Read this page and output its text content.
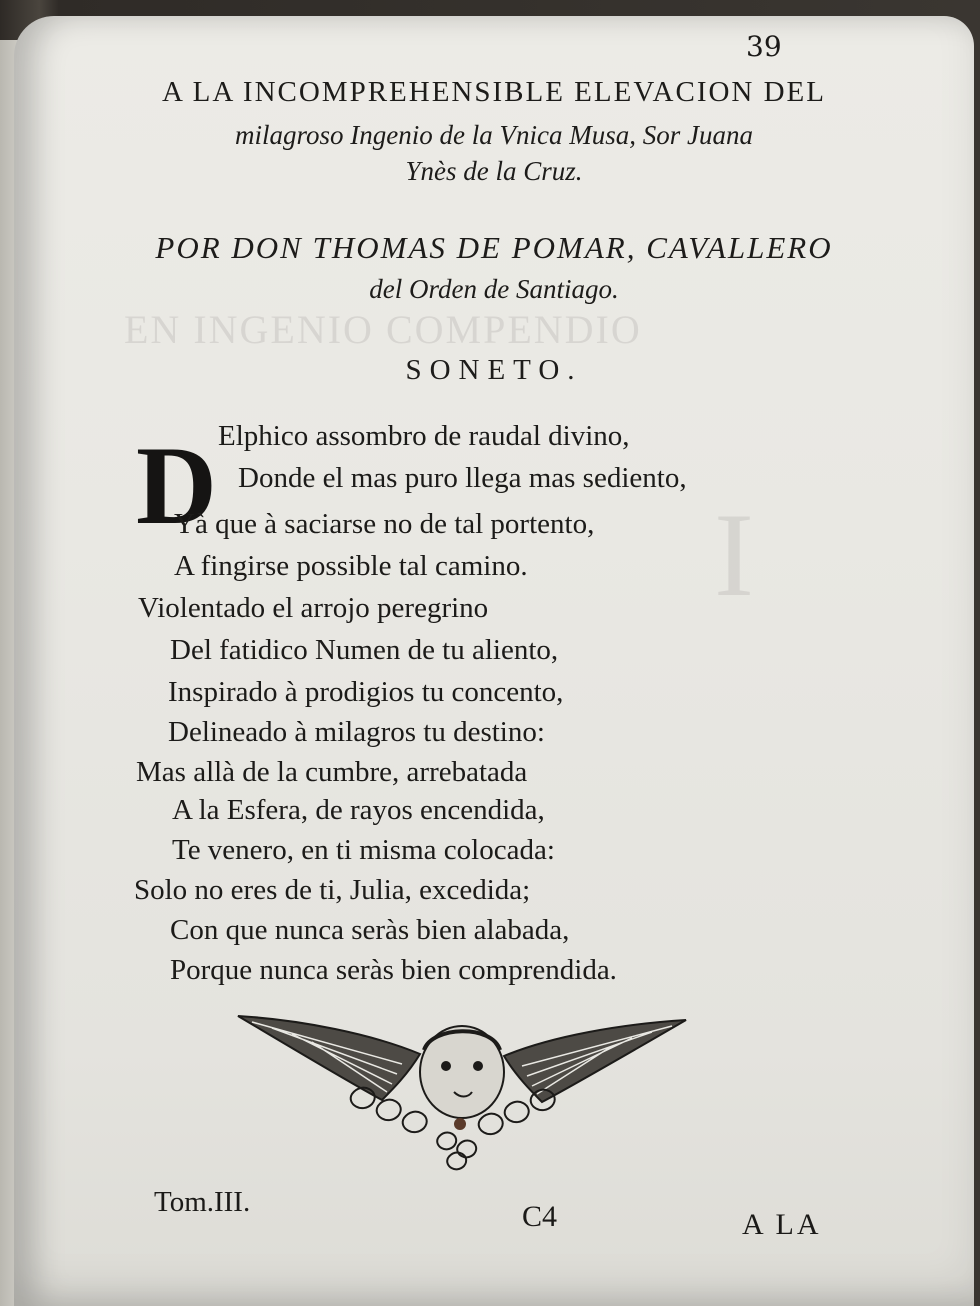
EN INGENIO COMPENDIO
I
39
A LA INCOMPREHENSIBLE ELEVACION DEL
milagroso Ingenio de la Vnica Musa, Sor Juana
Ynès de la Cruz.
POR DON THOMAS DE POMAR, CAVALLERO
del Orden de Santiago.
SONETO.
D Elphico assombro de raudal divino,
Donde el mas puro llega mas sediento,
Yà que à saciarse no de tal portento,
A fingirse possible tal camino.
Violentado el arrojo peregrino
Del fatidico Numen de tu aliento,
Inspirado à prodigios tu concento,
Delineado à milagros tu destino:
Mas allà de la cumbre, arrebatada
A la Esfera, de rayos encendida,
Te venero, en ti misma colocada:
Solo no eres de ti, Julia, excedida;
Con que nunca seràs bien alabada,
Porque nunca seràs bien comprendida.
Tom.III.	C4	A LA
